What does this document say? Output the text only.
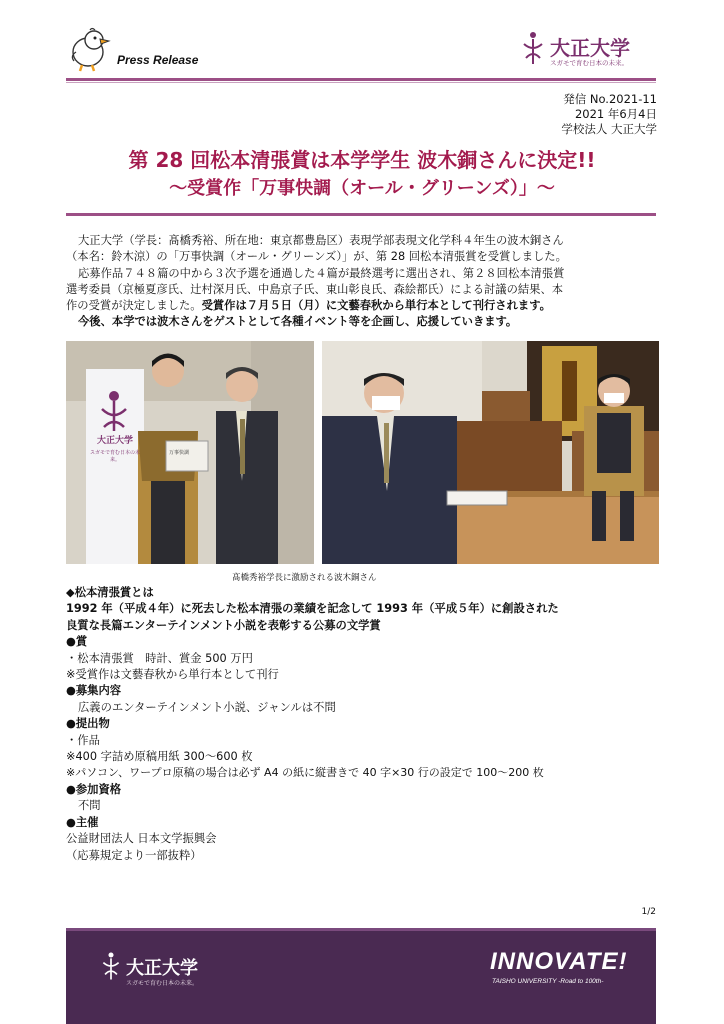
Press Release	大正大学
スガモで育む日本の未来。
発信 No.2021-11
2021 年6月4日
学校法人 大正大学
第 28 回松本清張賞は本学学生 波木銅さんに決定!!
〜受賞作「万事快調（オール・グリーンズ）」〜

大正大学（学長：髙橋秀裕、所在地：東京都豊島区）表現学部表現文化学科４年生の波木銅さん

（本名：鈴木涼）の「万事快調（オール・グリーンズ）」が、第 28 回松本清張賞を受賞しました。

応募作品７４８篇の中から３次予選を通過した４篇が最終選考に選出され、第２８回松本清張賞

選考委員（京極夏彦氏、辻村深月氏、中島京子氏、東山彰良氏、森絵都氏）による討議の結果、本

作の受賞が決定しました。受賞作は７月５日（月）に文藝春秋から単行本として刊行されます。

今後、本学では波木さんをゲストとして各種イベント等を企画し、応援していきます。

大正大学
スガモで育む日本の未来。
万事快調
髙橋秀裕学長に激励される波木銅さん
◆松本清張賞とは
1992 年（平成４年）に死去した松本清張の業績を記念して 1993 年（平成５年）に創設された
良質な長篇エンターテインメント小説を表彰する公募の文学賞
●賞
・松本清張賞　時計、賞金 500 万円
※受賞作は文藝春秋から単行本として刊行
●募集内容
広義のエンターテインメント小説、ジャンルは不問
●提出物
・作品
※400 字詰め原稿用紙 300〜600 枚
※パソコン、ワープロ原稿の場合は必ず A4 の紙に縦書きで 40 字×30 行の設定で 100〜200 枚
●参加資格
不問
●主催
公益財団法人 日本文学振興会
（応募規定より一部抜粋）
1/2
大正大学
スガモで育む日本の未来。
INNOVATE!
TAISHO UNIVERSITY -Road to 100th-
